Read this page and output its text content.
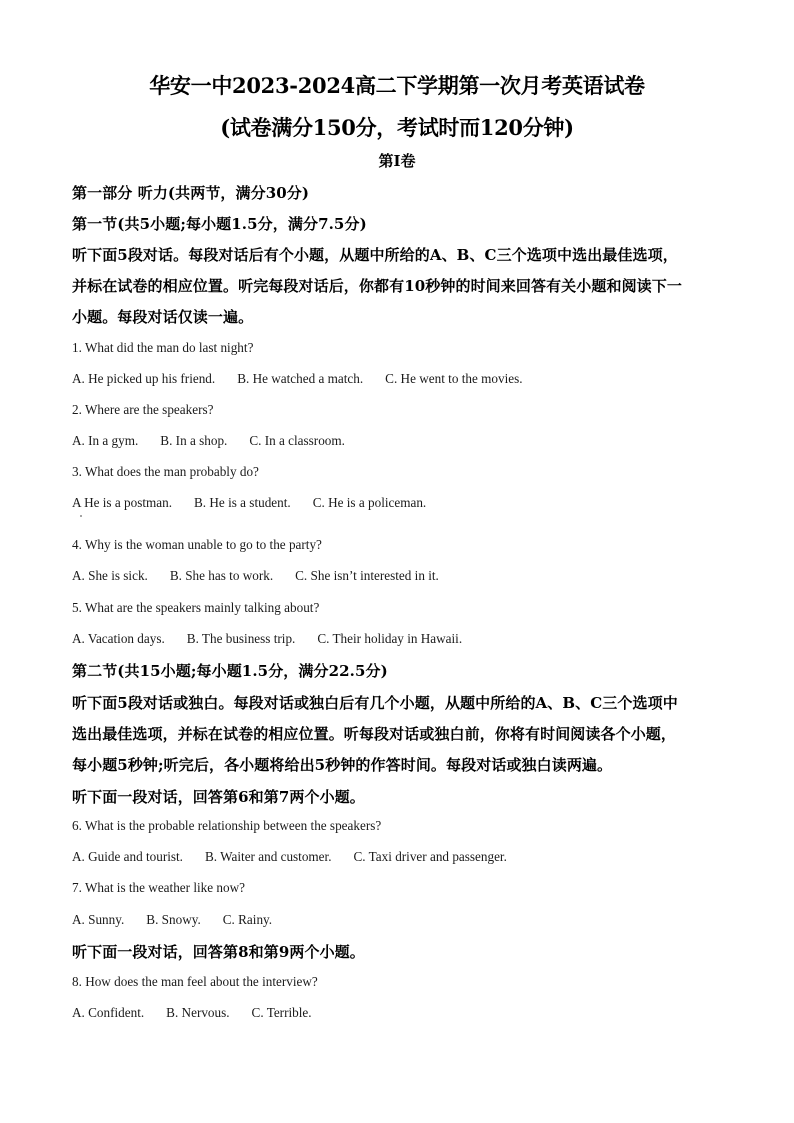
华安一中2023-2024高二下学期第一次月考英语试卷
(试卷满分150分，考试时而120分钟)
第I卷
第一部分 听力(共两节，满分30分)
第一节(共5小题;每小题1.5分，满分7.5分)
听下面5段对话。每段对话后有个小题，从题中所给的A、B、C三个选项中选出最佳选项，
并标在试卷的相应位置。听完每段对话后，你都有10秒钟的时间来回答有关小题和阅读下一
小题。每段对话仅读一遍。
1. What did the man do last night?
A. He picked up his friend. B. He watched a match. C. He went to the movies.
2. Where are the speakers?
A. In a gym. B. In a shop. C. In a classroom.
3. What does the man probably do?
A He is a postman. B. He is a student. C. He is a policeman.
4. Why is the woman unable to go to the party?
A. She is sick. B. She has to work. C. She isn’t interested in it.
5. What are the speakers mainly talking about?
A. Vacation days. B. The business trip. C. Their holiday in Hawaii.
第二节(共15小题;每小题1.5分，满分22.5分)
听下面5段对话或独白。每段对话或独白后有几个小题，从题中所给的A、B、C三个选项中
选出最佳选项，并标在试卷的相应位置。听每段对话或独白前，你将有时间阅读各个小题，
每小题5秒钟;听完后，各小题将给出5秒钟的作答时间。每段对话或独白读两遍。
听下面一段对话，回答第6和第7两个小题。
6. What is the probable relationship between the speakers?
A. Guide and tourist. B. Waiter and customer. C. Taxi driver and passenger.
7. What is the weather like now?
A. Sunny. B. Snowy. C. Rainy.
听下面一段对话，回答第8和第9两个小题。
8. How does the man feel about the interview?
A. Confident. B. Nervous. C. Terrible.
